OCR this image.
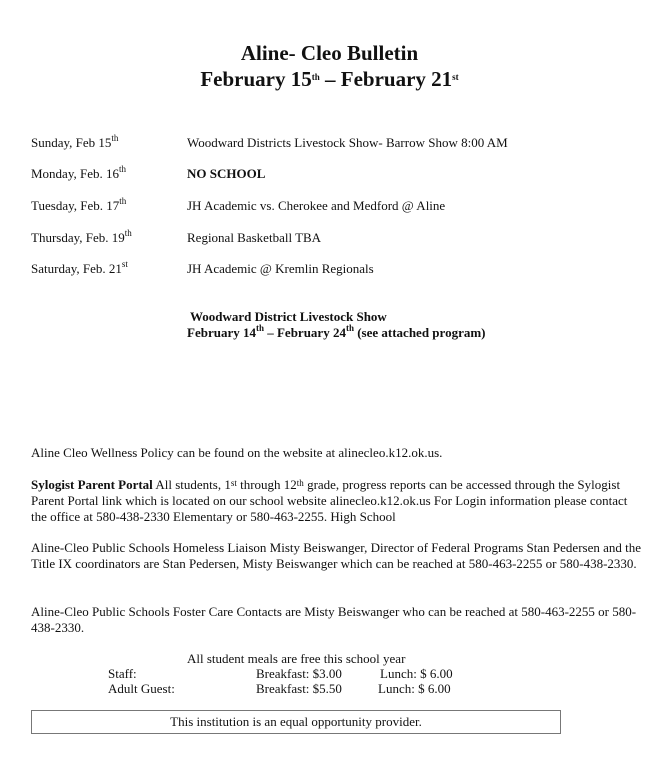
Aline- Cleo Bulletin
February 15th – February 21st
Sunday, Feb 15th	Woodward Districts Livestock Show- Barrow Show 8:00 AM
Monday, Feb. 16th	NO SCHOOL
Tuesday, Feb. 17th	JH Academic vs. Cherokee and Medford @ Aline
Thursday, Feb. 19th	Regional Basketball TBA
Saturday, Feb. 21st	JH Academic @ Kremlin Regionals
Woodward District Livestock Show
February 14th – February 24th (see attached program)
Aline Cleo Wellness Policy can be found on the website at alinecleo.k12.ok.us.
Sylogist Parent Portal All students, 1st through 12th grade, progress reports can be accessed through the Sylogist Parent Portal link which is located on our school website alinecleo.k12.ok.us For Login information please contact the office at 580-438-2330 Elementary or 580-463-2255. High School
Aline-Cleo Public Schools Homeless Liaison Misty Beiswanger, Director of Federal Programs Stan Pedersen and the Title IX coordinators are Stan Pedersen, Misty Beiswanger which can be reached at 580-463-2255 or 580-438-2330.
Aline-Cleo Public Schools Foster Care Contacts are Misty Beiswanger who can be reached at 580-463-2255 or 580-438-2330.
All student meals are free this school year
Staff:	Breakfast: $3.00	Lunch: $ 6.00
Adult Guest:	Breakfast: $5.50	Lunch: $ 6.00
This institution is an equal opportunity provider.
